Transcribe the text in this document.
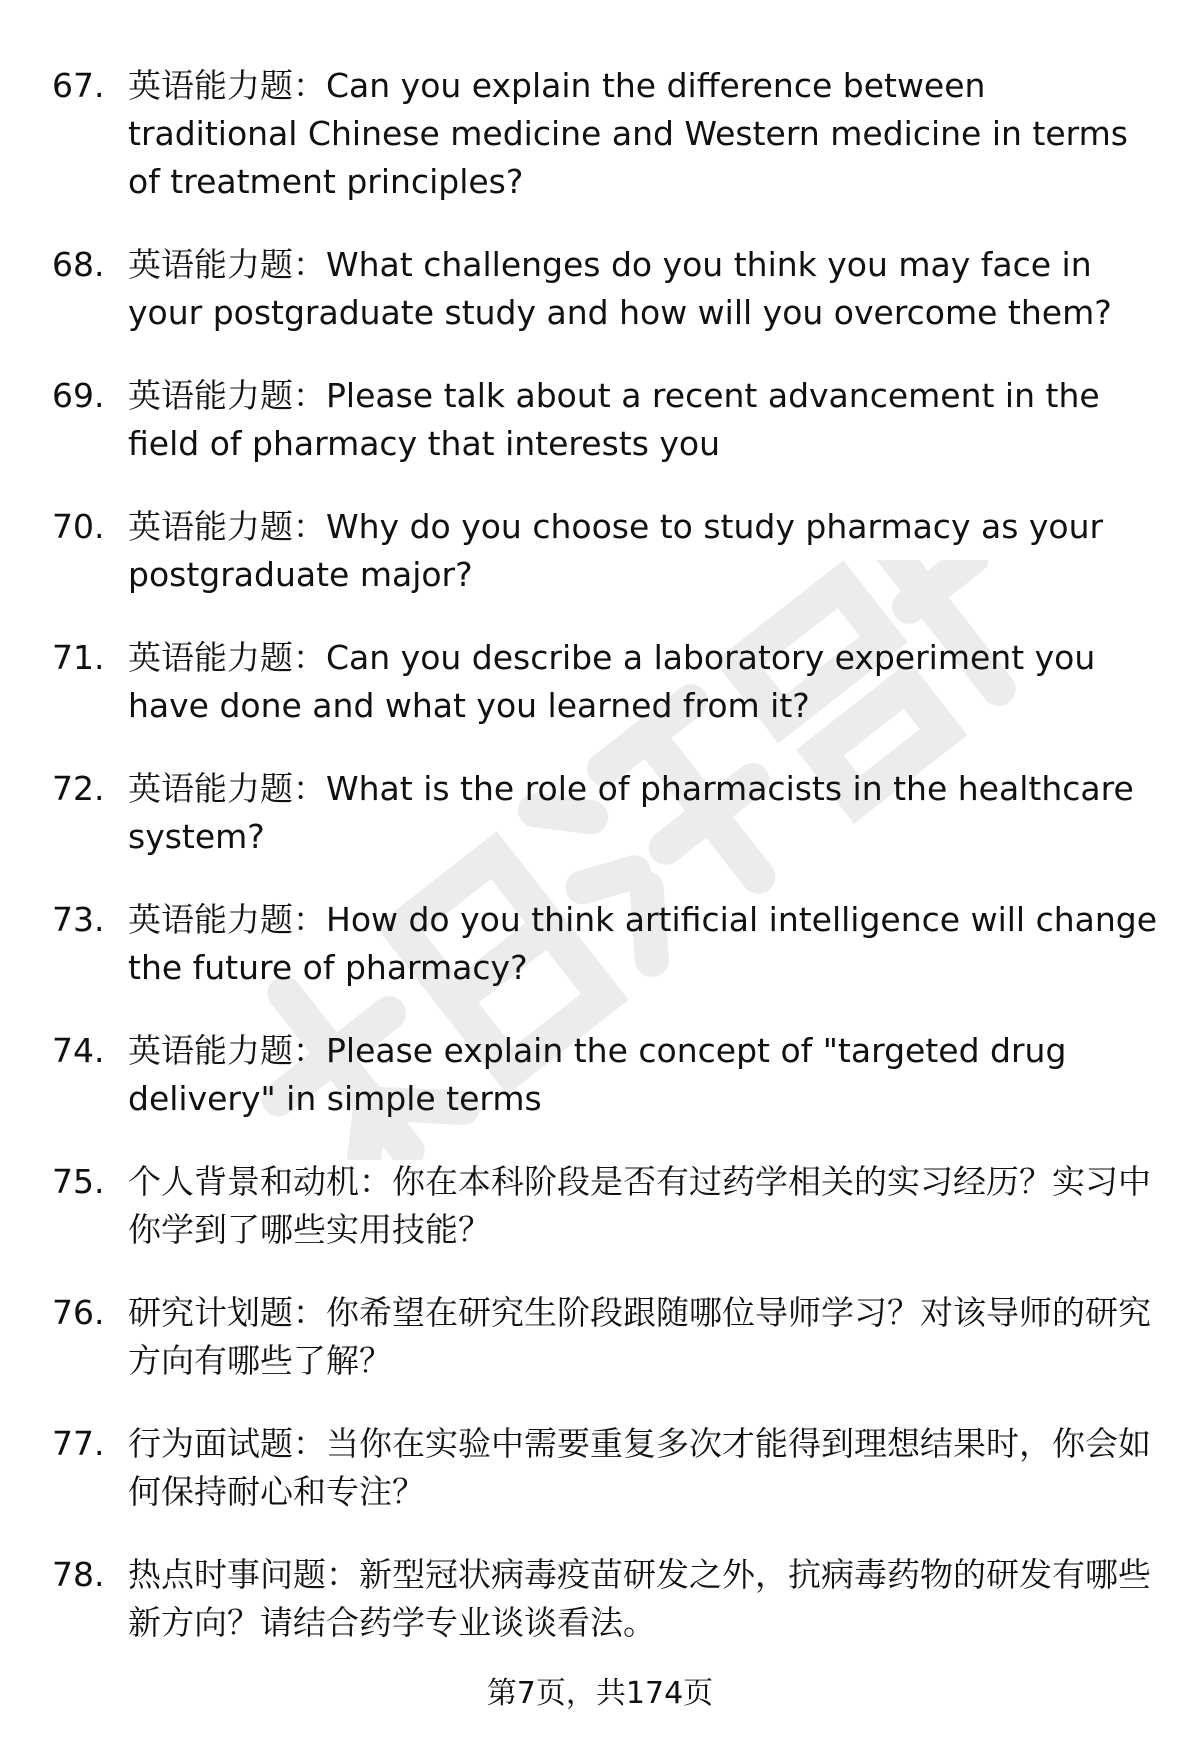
67. 英语能力题：Can you explain the difference between traditional Chinese medicine and Western medicine in terms of treatment principles?
68. 英语能力题：What challenges do you think you may face in your postgraduate study and how will you overcome them?
69. 英语能力题：Please talk about a recent advancement in the field of pharmacy that interests you
70. 英语能力题：Why do you choose to study pharmacy as your postgraduate major?
71. 英语能力题：Can you describe a laboratory experiment you have done and what you learned from it?
72. 英语能力题：What is the role of pharmacists in the healthcare system?
73. 英语能力题：How do you think artificial intelligence will change the future of pharmacy?
74. 英语能力题：Please explain the concept of "targeted drug delivery" in simple terms
75. 个人背景和动机：你在本科阶段是否有过药学相关的实习经历？实习中你学到了哪些实用技能？
76. 研究计划题：你希望在研究生阶段跟随哪位导师学习？对该导师的研究方向有哪些了解？
77. 行为面试题：当你在实验中需要重复多次才能得到理想结果时，你会如何保持耐心和专注？
78. 热点时事问题：新型冠状病毒疫苗研发之外，抗病毒药物的研发有哪些新方向？请结合药学专业谈谈看法。
第7页，共174页
